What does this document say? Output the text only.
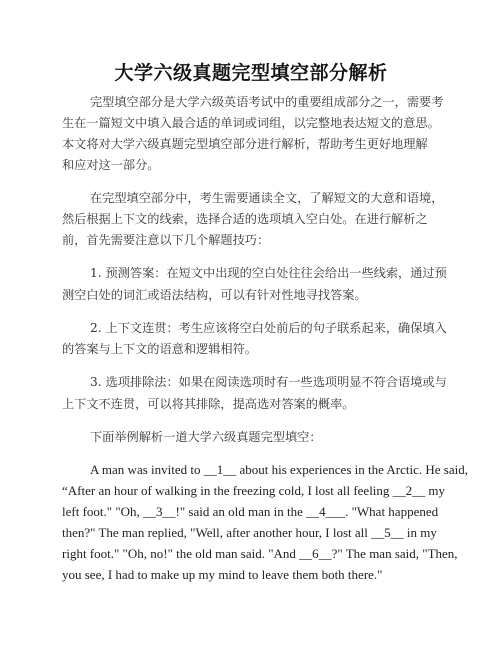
大学六级真题完型填空部分解析
完型填空部分是大学六级英语考试中的重要组成部分之一，需要考
生在一篇短文中填入最合适的单词或词组，以完整地表达短文的意思。
本文将对大学六级真题完型填空部分进行解析，帮助考生更好地理解
和应对这一部分。
在完型填空部分中，考生需要通读全文，了解短文的大意和语境，
然后根据上下文的线索，选择合适的选项填入空白处。在进行解析之
前，首先需要注意以下几个解题技巧：
1. 预测答案：在短文中出现的空白处往往会给出一些线索，通过预
测空白处的词汇或语法结构，可以有针对性地寻找答案。
2. 上下文连贯：考生应该将空白处前后的句子联系起来，确保填入
的答案与上下文的语意和逻辑相符。
3. 选项排除法：如果在阅读选项时有一些选项明显不符合语境或与
上下文不连贯，可以将其排除，提高选对答案的概率。
下面举例解析一道大学六级真题完型填空：
A man was invited to __1__ about his experiences in the Arctic. He said,
“After an hour of walking in the freezing cold, I lost all feeling __2__ my
left foot." "Oh, __3__!" said an old man in the __4___. "What happened
then?" The man replied, "Well, after another hour, I lost all __5__ in my
right foot." "Oh, no!" the old man said. "And __6__?" The man said, "Then,
you see, I had to make up my mind to leave them both there."
